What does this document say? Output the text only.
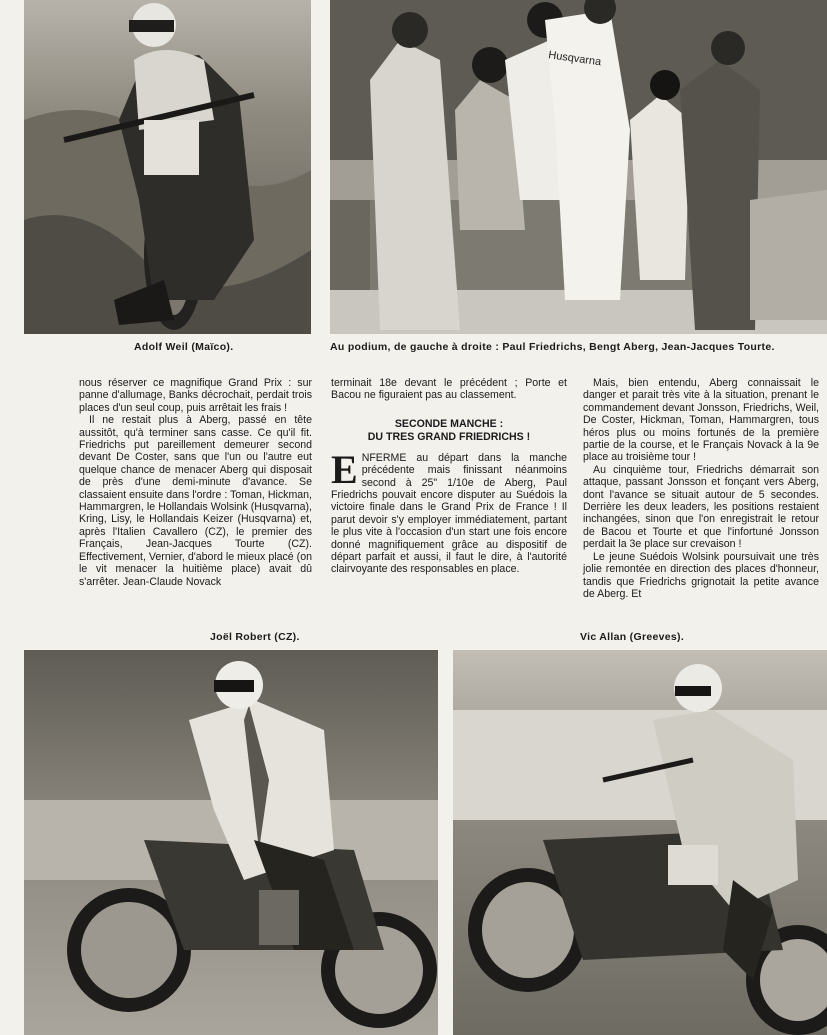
Adolf Weil (Maïco).
Husqvarna
Au podium, de gauche à droite : Paul Friedrichs, Bengt Aberg, Jean-Jacques Tourte.

nous réserver ce magnifique Grand Prix : sur panne d'allumage, Banks décrochait, perdait trois places d'un seul coup, puis arrêtait les frais !

Il ne restait plus à Aberg, passé en tête aussitôt, qu'à terminer sans casse. Ce qu'il fit. Friedrichs put pareillement demeurer second devant De Coster, sans que l'un ou l'autre eut quelque chance de menacer Aberg qui disposait de près d'une demi-minute d'avance. Se classaient ensuite dans l'ordre : Toman, Hickman, Hammargren, le Hollandais Wolsink (Husqvarna), Kring, Lisy, le Hollandais Keizer (Husqvarna) et, après l'Italien Cavallero (CZ), le premier des Français, Jean-Jacques Tourte (CZ). Effectivement, Vernier, d'abord le mieux placé (on le vit menacer la huitième place) avait dû s'arrêter. Jean-Claude Novack

terminait 18e devant le précédent ; Porte et Bacou ne figuraient pas au classement.

SECONDE MANCHE :
DU TRES GRAND FRIEDRICHS !

ENFERME au départ dans la manche précédente mais finissant néanmoins second à 25" 1/10e de Aberg, Paul Friedrichs pouvait encore disputer au Suédois la victoire finale dans le Grand Prix de France ! Il parut devoir s'y employer immédiatement, partant le plus vite à l'occasion d'un start une fois encore donné magnifiquement grâce au dispositif de départ parfait et aussi, il faut le dire, à l'autorité clairvoyante des responsables en place.

Mais, bien entendu, Aberg connaissait le danger et parait très vite à la situation, prenant le commandement devant Jonsson, Friedrichs, Weil, De Coster, Hickman, Toman, Hammargren, tous héros plus ou moins fortunés de la première partie de la course, et le Français Novack à la 9e place au troisième tour !

Au cinquième tour, Friedrichs démarrait son attaque, passant Jonsson et fonçant vers Aberg, dont l'avance se situait autour de 5 secondes. Derrière les deux leaders, les positions restaient inchangées, sinon que l'on enregistrait le retour de Bacou et Tourte et que l'infortuné Jonsson perdait la 3e place sur crevaison !

Le jeune Suédois Wolsink poursuivait une très jolie remontée en direction des places d'honneur, tandis que Friedrichs grignotait la petite avance de Aberg. Et

Joël Robert (CZ).	Vic Allan (Greeves).
